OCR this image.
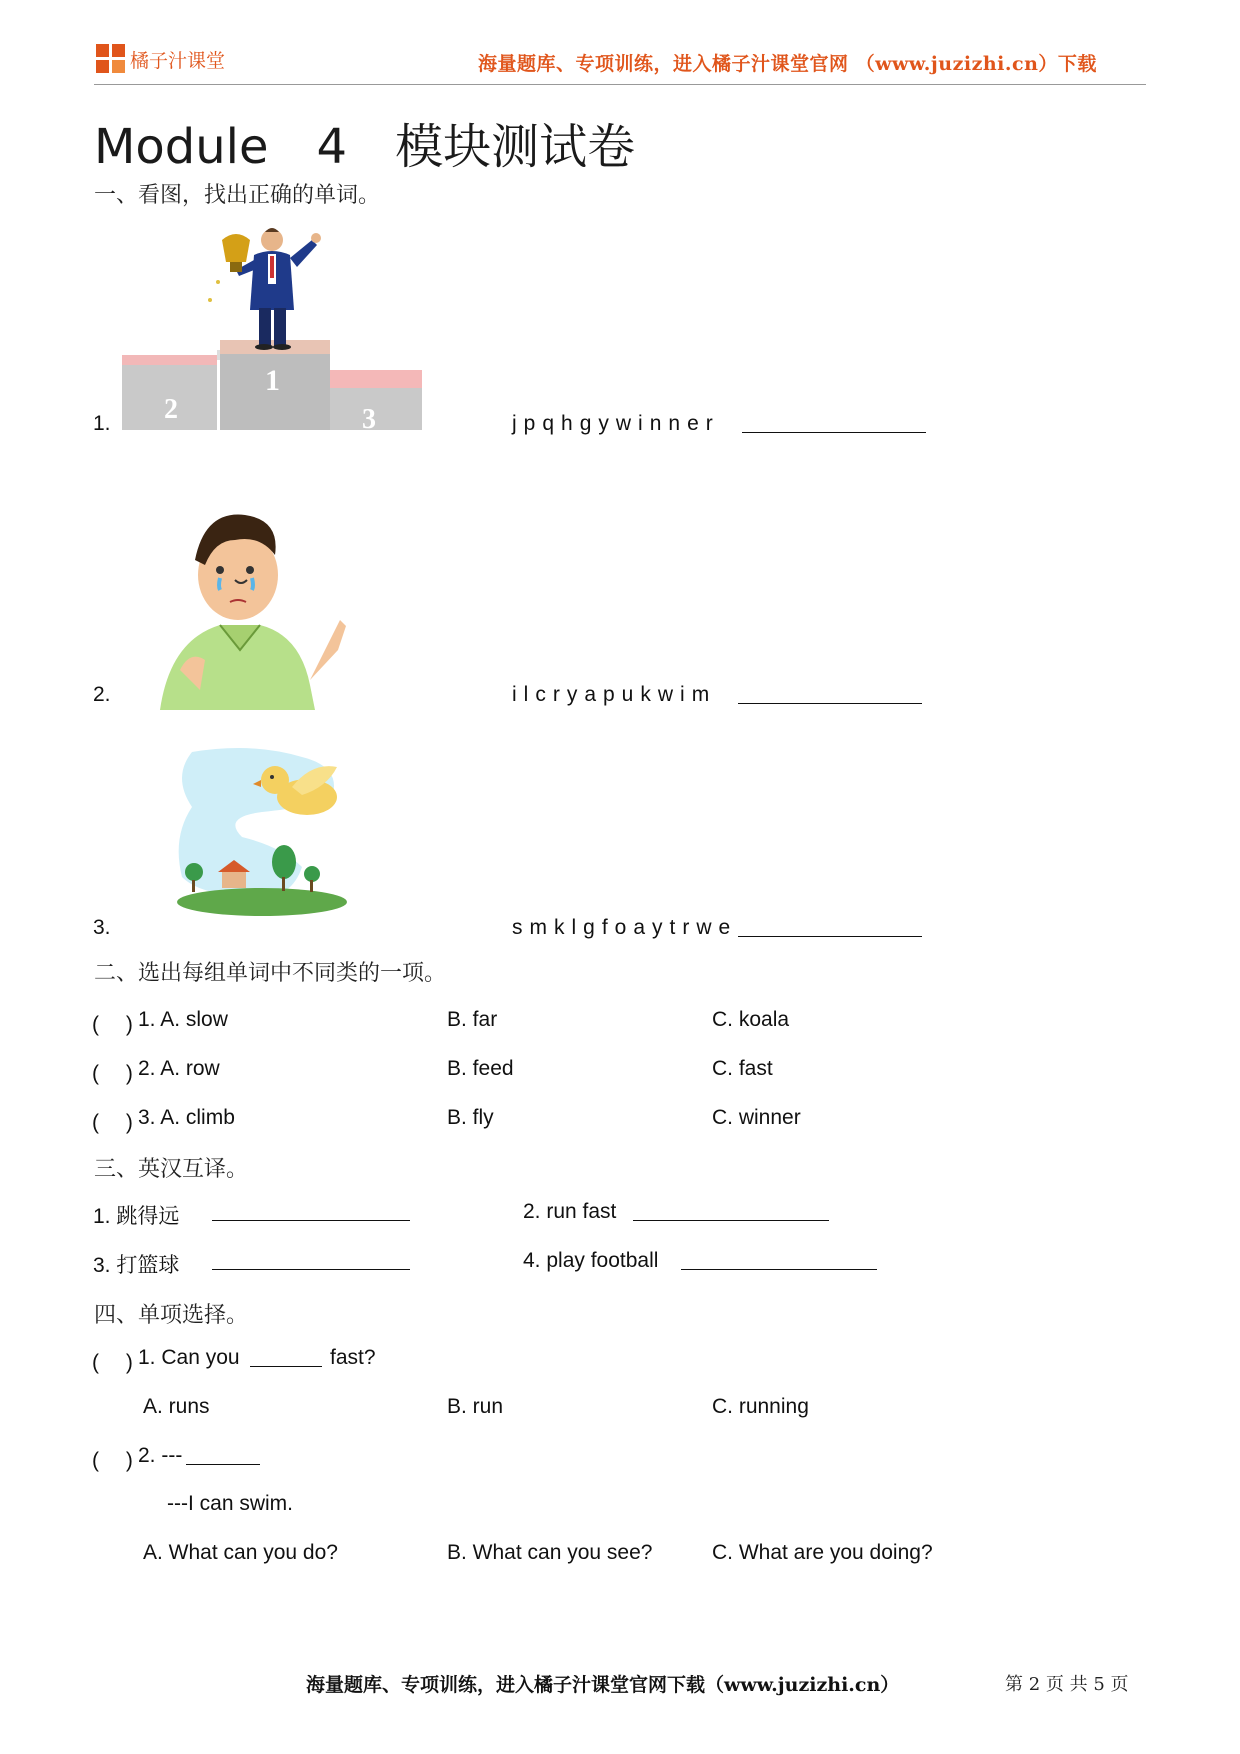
橘子汁课堂	海量题库、专项训练，进入橘子汁课堂官网 （www.juzizhi.cn）下载
Module　4　模块测试卷
一、看图，找出正确的单词。
1. 2
1
3	jpqhgywinner
2.	ilcryapukwim
3.	smklgfoaytrwe
二、选出每组单词中不同类的一项。
(　 ) 1. A. slow	B. far	C. koala
(　 ) 2. A. row	B. feed	C. fast
(　 ) 3. A. climb	B. fly	C. winner
三、英汉互译。
1. 跳得远	2. run fast
3. 打篮球	4. play football
四、单项选择。
(　 ) 1. Can you	fast?
A. runs	B. run	C. running
(　 ) 2. ---
---I can swim.
A. What can you do?	B. What can you see?	C. What are you doing?
海量题库、专项训练，进入橘子汁课堂官网下载（www.juzizhi.cn）	第 2 页 共 5 页
